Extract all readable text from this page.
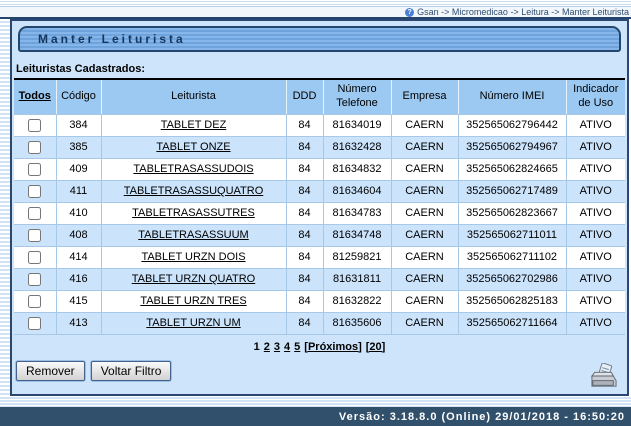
? Gsan -> Micromedicao -> Leitura -> Manter Leiturista
Manter Leiturista
Leituristas Cadastrados:
Todos	Código	Leiturista	DDD	Número Telefone	Empresa	Número IMEI	Indicador de Uso
	384	TABLET DEZ	84	81634019	CAERN	352565062796442	ATIVO
	385	TABLET ONZE	84	81632428	CAERN	352565062794967	ATIVO
	409	TABLETRASASSUDOIS	84	81634832	CAERN	352565062824665	ATIVO
	411	TABLETRASASSUQUATRO	84	81634604	CAERN	352565062717489	ATIVO
	410	TABLETRASASSUTRES	84	81634783	CAERN	352565062823667	ATIVO
	408	TABLETRASASSUUM	84	81634748	CAERN	352565062711011	ATIVO
	414	TABLET URZN DOIS	84	81259821	CAERN	352565062711102	ATIVO
	416	TABLET URZN QUATRO	84	81631811	CAERN	352565062702986	ATIVO
	415	TABLET URZN TRES	84	81632822	CAERN	352565062825183	ATIVO
	413	TABLET URZN UM	84	81635606	CAERN	352565062711664	ATIVO
1 2 3 4 5 [Próximos] [20]
Remover	Voltar Filtro
Versão: 3.18.8.0 (Online) 29/01/2018 - 16:50:20
